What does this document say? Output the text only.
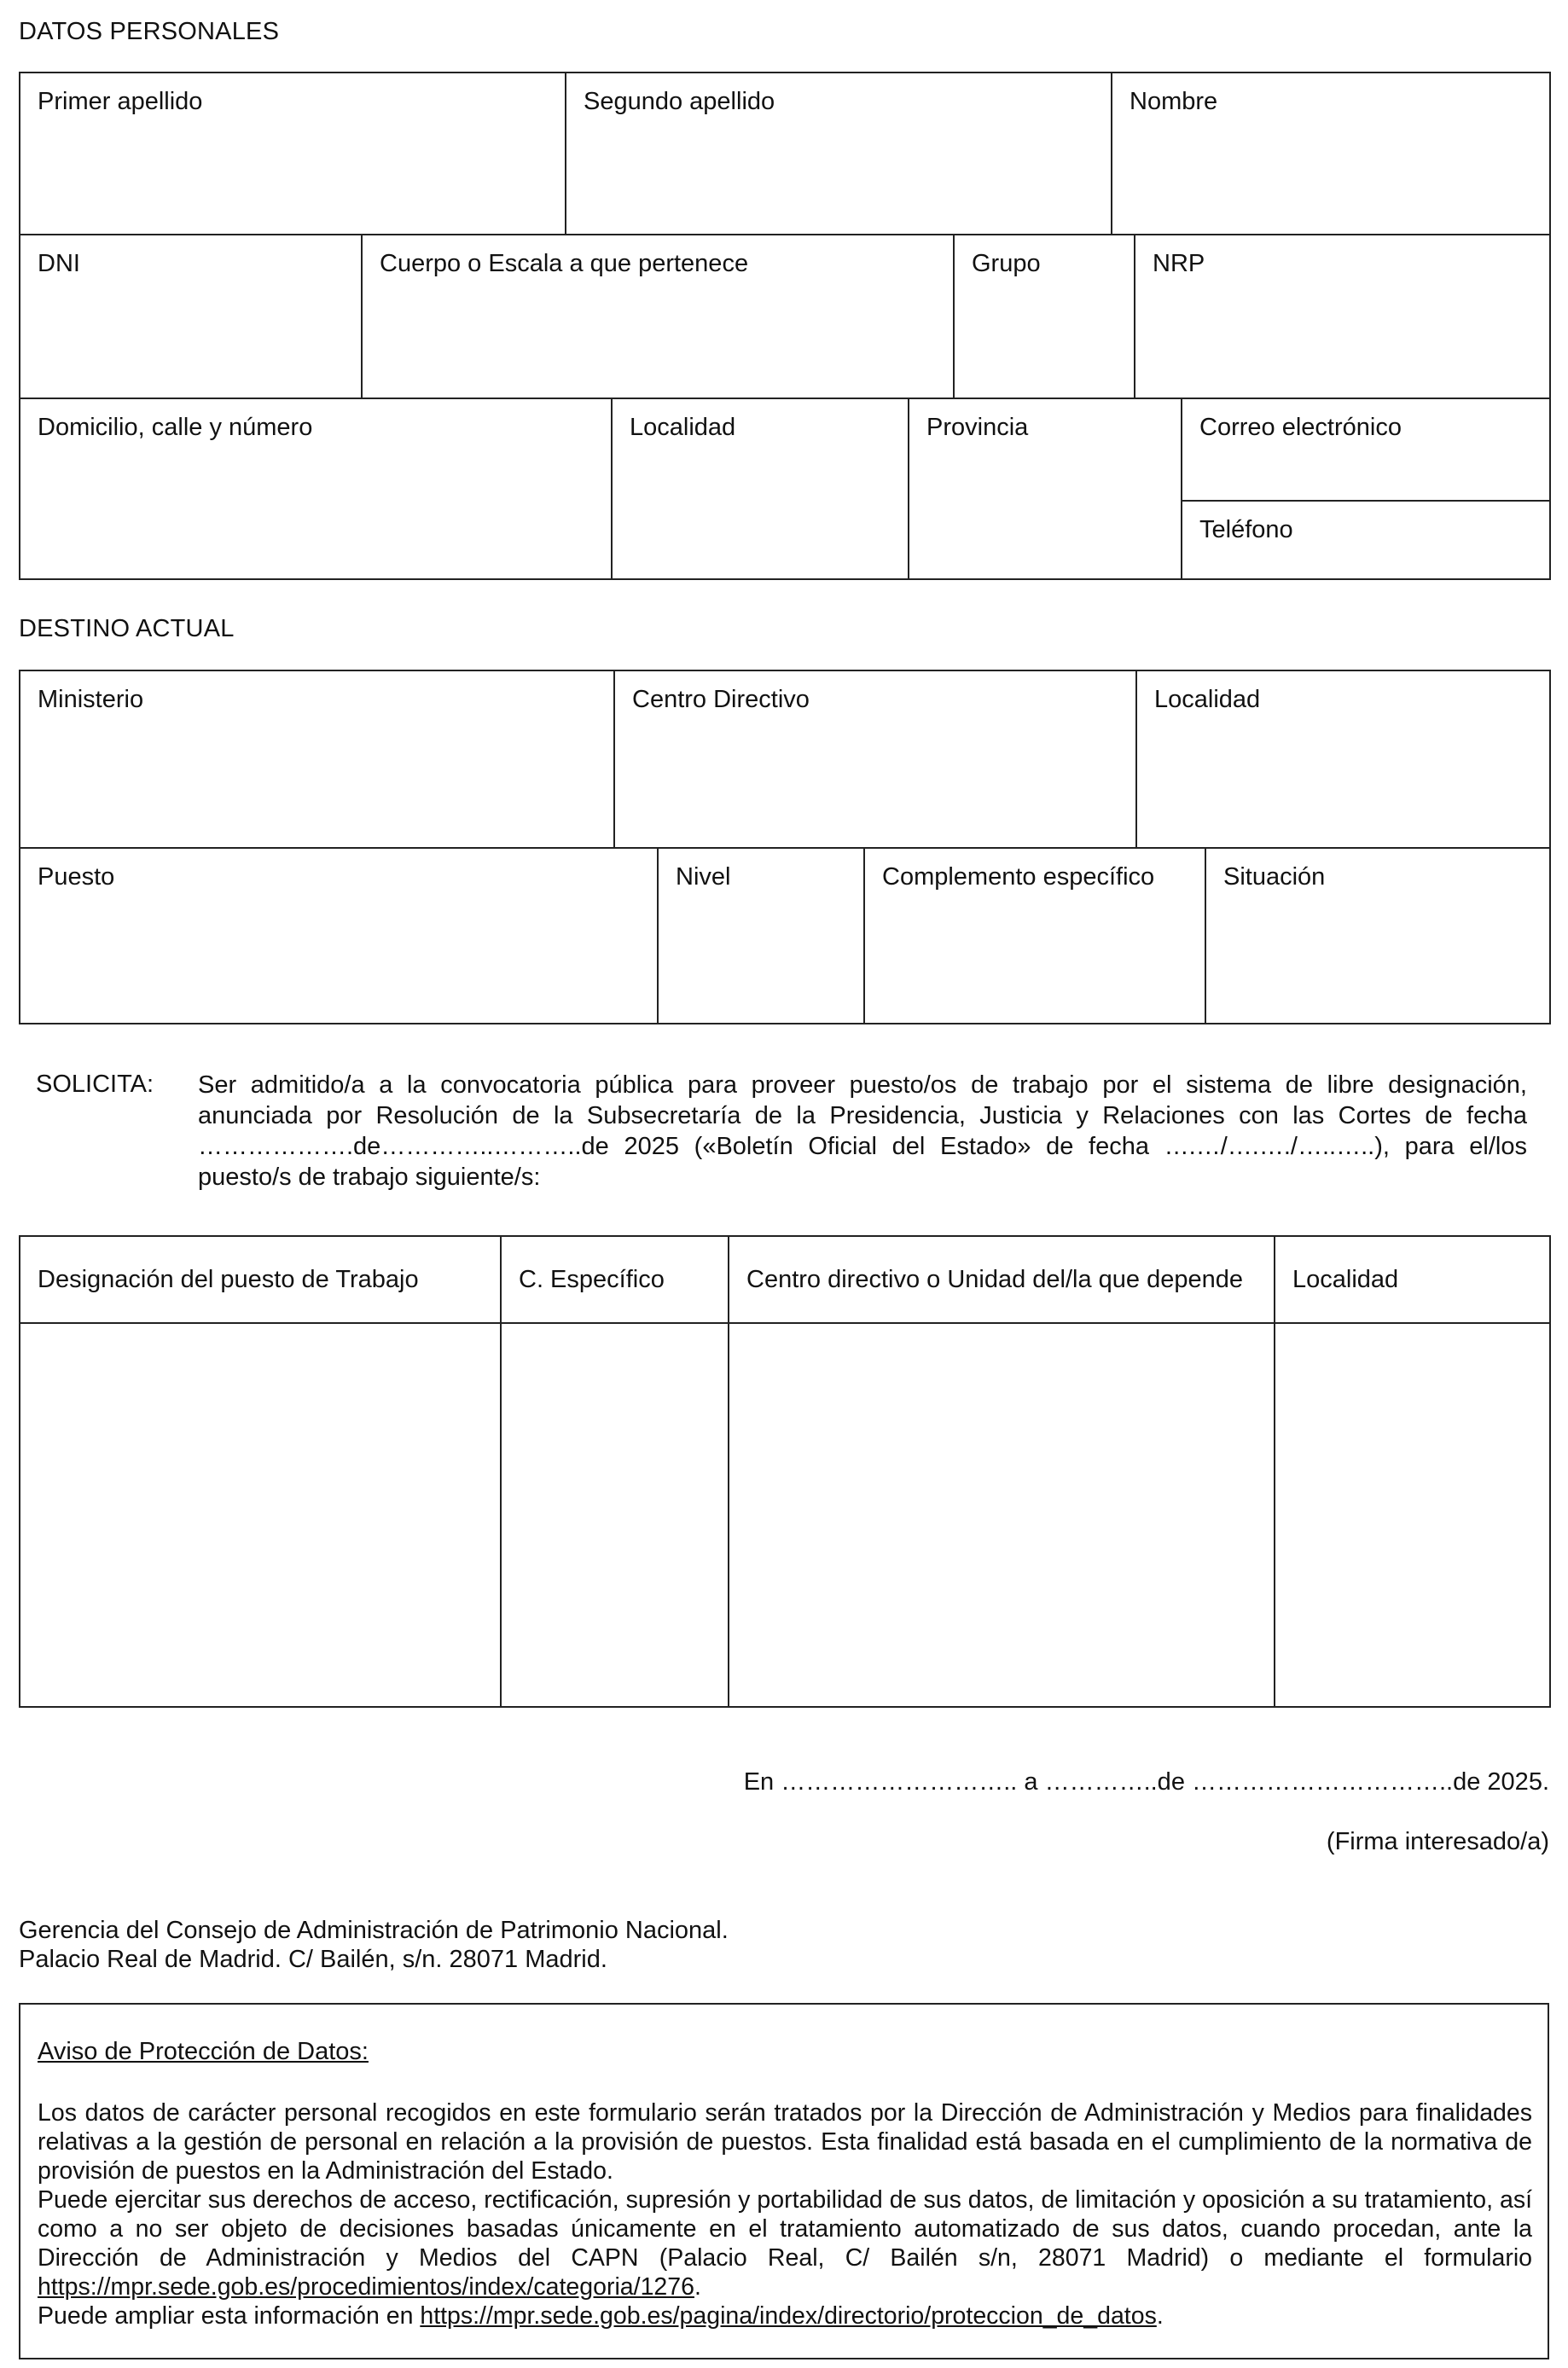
DATOS PERSONALES
Primer apellido	Segundo apellido	Nombre
DNI	Cuerpo o Escala a que pertenece	Grupo	NRP
Domicilio, calle y número	Localidad	Provincia	Correo electrónico
Teléfono
DESTINO ACTUAL
Ministerio	Centro Directivo	Localidad
Puesto	Nivel	Complemento específico	Situación
SOLICITA: Ser admitido/a a la convocatoria pública para proveer puesto/os de trabajo por el sistema de libre designación, anunciada por Resolución de la Subsecretaría de la Presidencia, Justicia y Relaciones con las Cortes de fecha ……………….de…………..………..de 2025 («Boletín Oficial del Estado» de fecha ….…/….…./…..…..), para el/los puesto/s de trabajo siguiente/s:
Designación del puesto de Trabajo	C. Específico	Centro directivo o Unidad del/la que depende	Localidad

En ……………………….. a …………..de …………………………..de 2025.
(Firma interesado/a)
Gerencia del Consejo de Administración de Patrimonio Nacional.
Palacio Real de Madrid. C/ Bailén, s/n. 28071 Madrid.
Aviso de Protección de Datos:

Los datos de carácter personal recogidos en este formulario serán tratados por la Dirección de Administración y Medios para finalidades relativas a la gestión de personal en relación a la provisión de puestos. Esta finalidad está basada en el cumplimiento de la normativa de provisión de puestos en la Administración del Estado.

Puede ejercitar sus derechos de acceso, rectificación, supresión y portabilidad de sus datos, de limitación y oposición a su tratamiento, así como a no ser objeto de decisiones basadas únicamente en el tratamiento automatizado de sus datos, cuando procedan, ante la Dirección de Administración y Medios del CAPN (Palacio Real, C/ Bailén s/n, 28071 Madrid) o mediante el formulario https://mpr.sede.gob.es/procedimientos/index/categoria/1276.

Puede ampliar esta información en https://mpr.sede.gob.es/pagina/index/directorio/proteccion_de_datos.
